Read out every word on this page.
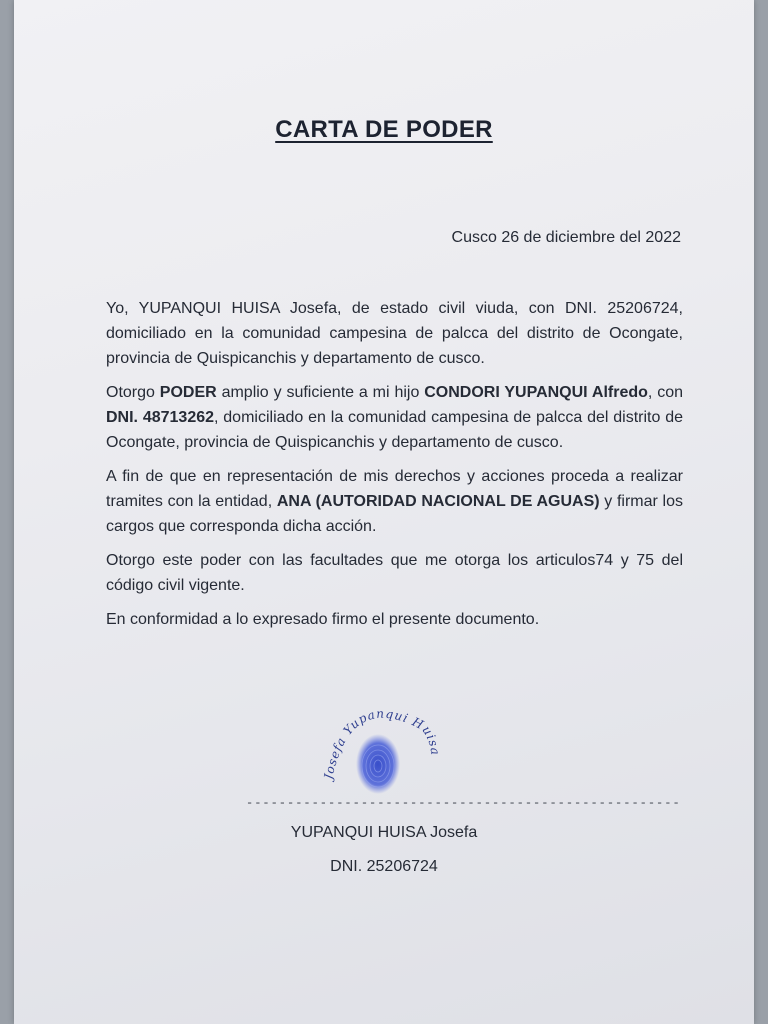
CARTA DE PODER
Cusco 26 de diciembre del 2022

Yo, YUPANQUI HUISA Josefa, de estado civil viuda, con DNI. 25206724, domiciliado en la comunidad campesina de palcca del distrito de Ocongate, provincia de Quispicanchis y departamento de cusco.

Otorgo PODER amplio y suficiente a mi hijo CONDORI YUPANQUI Alfredo, con DNI. 48713262, domiciliado en la comunidad campesina de palcca del distrito de Ocongate, provincia de Quispicanchis y departamento de cusco.

A fin de que en representación de mis derechos y acciones proceda a realizar tramites con la entidad, ANA (AUTORIDAD NACIONAL DE AGUAS) y firmar los cargos que corresponda dicha acción.

Otorgo este poder con las facultades que me otorga los articulos74 y 75 del código civil vigente.

En conformidad a lo expresado firmo el presente documento.

Josefa Yupanqui Huisa
-----------------------------------------------------
YUPANQUI HUISA Josefa
DNI. 25206724
